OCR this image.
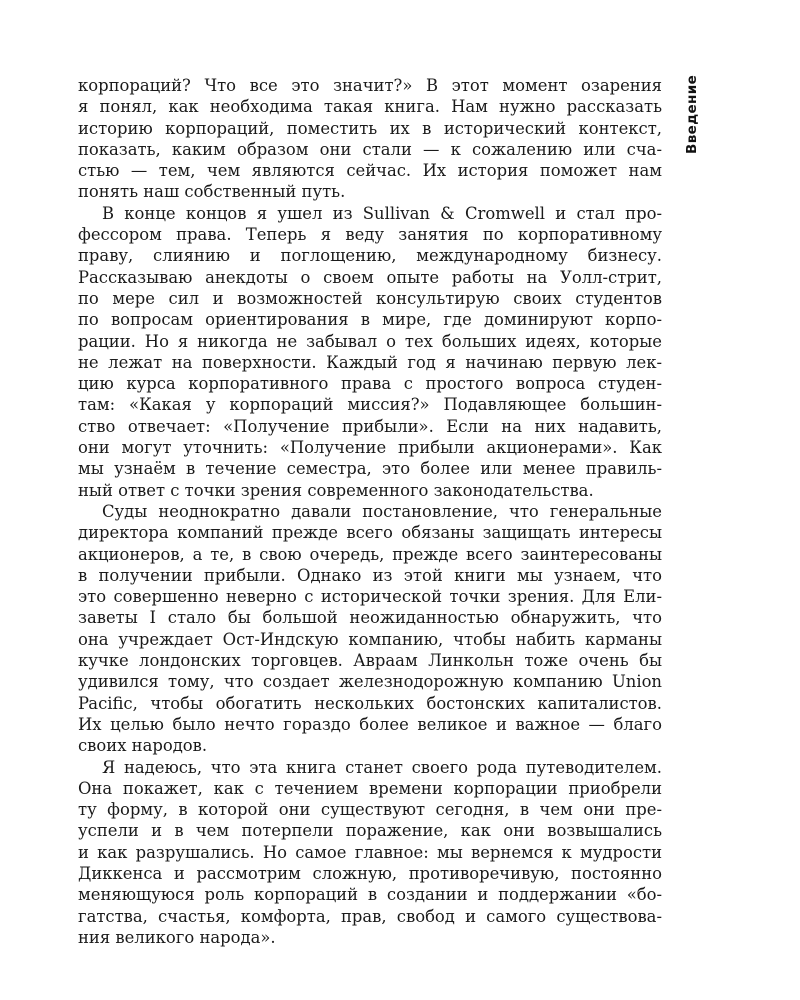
Введение
корпораций? Что все это значит?» В этот момент озарения
я понял, как необходима такая книга. Нам нужно рассказать
историю корпораций, поместить их в исторический контекст,
показать, каким образом они стали — к сожалению или сча-
стью — тем, чем являются сейчас. Их история поможет нам
понять наш собственный путь.
В конце концов я ушел из Sullivan & Cromwell и стал про-
фессором права. Теперь я веду занятия по корпоративному
праву, слиянию и поглощению, международному бизнесу.
Рассказываю анекдоты о своем опыте работы на Уолл-стрит,
по мере сил и возможностей консультирую своих студентов
по вопросам ориентирования в мире, где доминируют корпо-
рации. Но я никогда не забывал о тех больших идеях, которые
не лежат на поверхности. Каждый год я начинаю первую лек-
цию курса корпоративного права с простого вопроса студен-
там: «Какая у корпораций миссия?» Подавляющее большин-
ство отвечает: «Получение прибыли». Если на них надавить,
они могут уточнить: «Получение прибыли акционерами». Как
мы узнаём в течение семестра, это более или менее правиль-
ный ответ с точки зрения современного законодательства.
Суды неоднократно давали постановление, что генеральные
директора компаний прежде всего обязаны защищать интересы
акционеров, а те, в свою очередь, прежде всего заинтересованы
в получении прибыли. Однако из этой книги мы узнаем, что
это совершенно неверно с исторической точки зрения. Для Ели-
заветы I стало бы большой неожиданностью обнаружить, что
она учреждает Ост-Индскую компанию, чтобы набить карманы
кучке лондонских торговцев. Авраам Линкольн тоже очень бы
удивился тому, что создает железнодорожную компанию Union
Pacific, чтобы обогатить нескольких бостонских капиталистов.
Их целью было нечто гораздо более великое и важное — благо
своих народов.
Я надеюсь, что эта книга станет своего рода путеводителем.
Она покажет, как с течением времени корпорации приобрели
ту форму, в которой они существуют сегодня, в чем они пре-
успели и в чем потерпели поражение, как они возвышались
и как разрушались. Но самое главное: мы вернемся к мудрости
Диккенса и рассмотрим сложную, противоречивую, постоянно
меняющуюся роль корпораций в создании и поддержании «бо-
гатства, счастья, комфорта, прав, свобод и самого существова-
ния великого народа».
